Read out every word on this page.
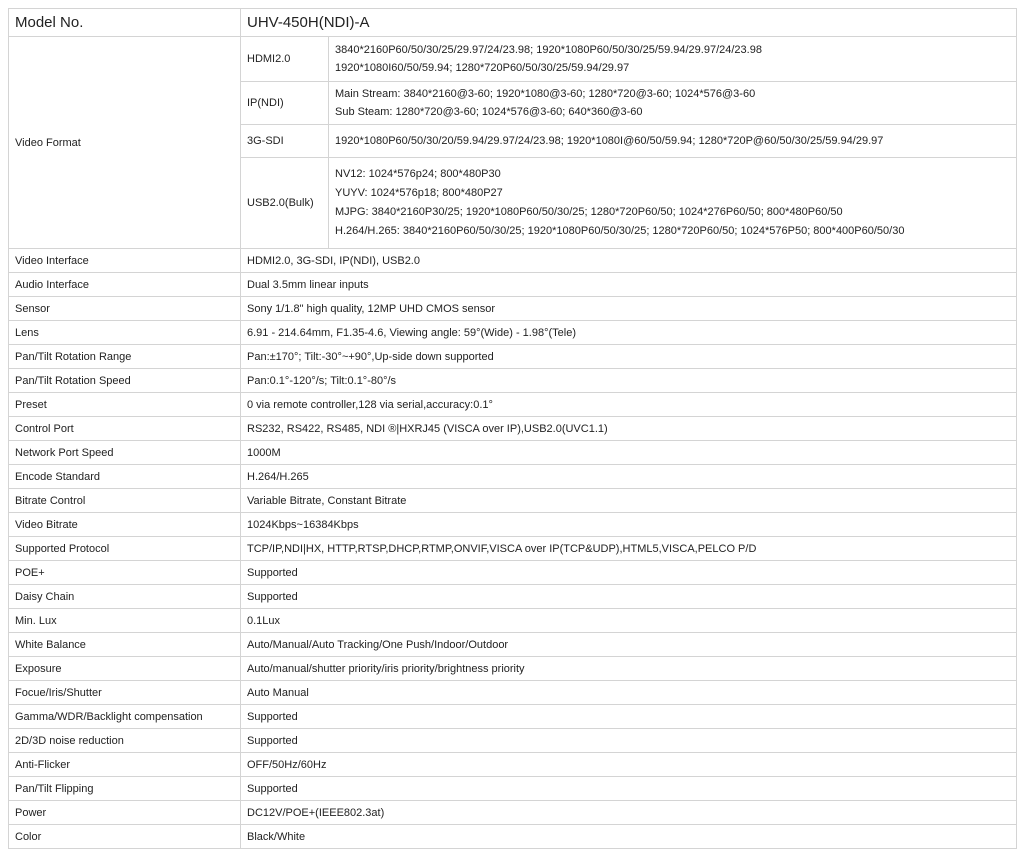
Model No.	UHV-450H(NDI)-A	
Video Format	HDMI2.0	3840*2160P60/50/30/25/29.97/24/23.98; 1920*1080P60/50/30/25/59.94/29.97/24/23.98
1920*1080I60/50/59.94; 1280*720P60/50/30/25/59.94/29.97

	IP(NDI)	Main Stream: 3840*2160@3-60; 1920*1080@3-60; 1280*720@3-60; 1024*576@3-60
Sub Steam: 1280*720@3-60; 1024*576@3-60; 640*360@3-60

	3G-SDI	1920*1080P60/50/30/20/59.94/29.97/24/23.98; 1920*1080I@60/50/59.94; 1280*720P@60/50/30/25/59.94/29.97

	USB2.0(Bulk)	NV12: 1024*576p24; 800*480P30
YUYV: 1024*576p18; 800*480P27
MJPG: 3840*2160P30/25; 1920*1080P60/50/30/25; 1280*720P60/50; 1024*276P60/50; 800*480P60/50
H.264/H.265: 3840*2160P60/50/30/25; 1920*1080P60/50/30/25; 1280*720P60/50; 1024*576P50; 800*400P60/50/30

Video Interface	HDMI2.0, 3G-SDI, IP(NDI), USB2.0	
Audio Interface	Dual 3.5mm linear inputs	
Sensor	Sony 1/1.8" high quality, 12MP UHD CMOS sensor	
Lens	6.91 - 214.64mm, F1.35-4.6, Viewing angle: 59°(Wide) - 1.98°(Tele)	
Pan/Tilt Rotation Range	Pan:±170°; Tilt:-30°~+90°,Up-side down supported	
Pan/Tilt Rotation Speed	Pan:0.1°-120°/s; Tilt:0.1°-80°/s	
Preset	0 via remote controller,128 via serial,accuracy:0.1°	
Control Port	RS232, RS422, RS485, NDI ®|HXRJ45 (VISCA over IP),USB2.0(UVC1.1)	
Network Port Speed	1000M	
Encode Standard	H.264/H.265	
Bitrate Control	Variable Bitrate, Constant Bitrate	
Video Bitrate	1024Kbps~16384Kbps	
Supported Protocol	TCP/IP,NDI|HX, HTTP,RTSP,DHCP,RTMP,ONVIF,VISCA over IP(TCP&UDP),HTML5,VISCA,PELCO P/D	
POE+	Supported	
Daisy Chain	Supported	
Min. Lux	0.1Lux	
White Balance	Auto/Manual/Auto Tracking/One Push/Indoor/Outdoor	
Exposure	Auto/manual/shutter priority/iris priority/brightness priority	
Focue/Iris/Shutter	Auto Manual	
Gamma/WDR/Backlight compensation	Supported	
2D/3D noise reduction	Supported	
Anti-Flicker	OFF/50Hz/60Hz	
Pan/Tilt Flipping	Supported	
Power	DC12V/POE+(IEEE802.3at)	
Color	Black/White	
